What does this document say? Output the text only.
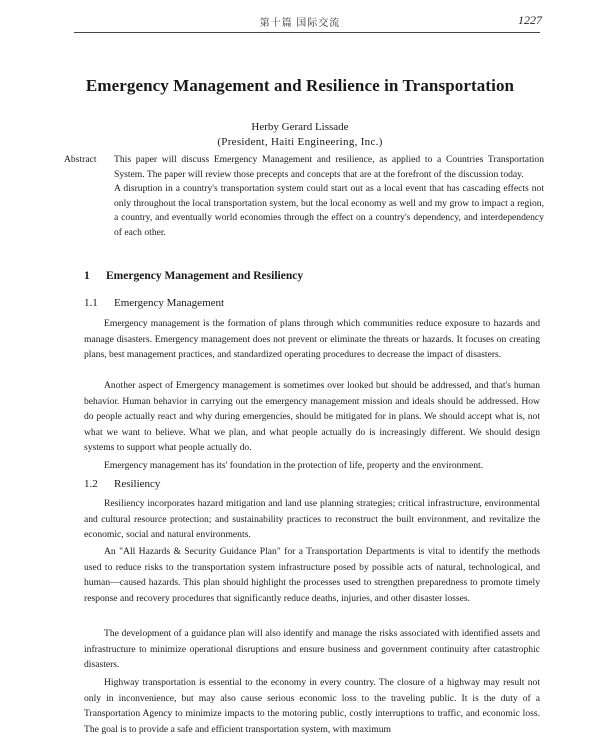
第十篇 国际交流	1227
Emergency Management and Resilience in Transportation
Herby Gerard Lissade
(President, Haiti Engineering, Inc.)
Abstract This paper will discuss Emergency Management and resilience, as applied to a Countries Transportation System. The paper will review those precepts and concepts that are at the forefront of the discussion today.

A disruption in a country's transportation system could start out as a local event that has cascading effects not only throughout the local transportation system, but the local economy as well and my grow to impact a region, a country, and eventually world economies through the effect on a country's dependency, and interdependency of each other.

1 Emergency Management and Resiliency
1.1 Emergency Management

Emergency management is the formation of plans through which communities reduce exposure to hazards and manage disasters. Emergency management does not prevent or eliminate the threats or hazards. It focuses on creating plans, best management practices, and standardized operating procedures to decrease the impact of disasters.

Another aspect of Emergency management is sometimes over looked but should be addressed, and that's human behavior. Human behavior in carrying out the emergency management mission and ideals should be addressed. How do people actually react and why during emergencies, should be mitigated for in plans. We should accept what is, not what we want to believe. What we plan, and what people actually do is increasingly different. We should design systems to support what people actually do.

Emergency management has its' foundation in the protection of life, property and the environment.

1.2 Resiliency

Resiliency incorporates hazard mitigation and land use planning strategies; critical infrastructure, environmental and cultural resource protection; and sustainability practices to reconstruct the built environment, and revitalize the economic, social and natural environments.

An "All Hazards & Security Guidance Plan" for a Transportation Departments is vital to identify the methods used to reduce risks to the transportation system infrastructure posed by possible acts of natural, technological, and human—caused hazards. This plan should highlight the processes used to strengthen preparedness to promote timely response and recovery procedures that significantly reduce deaths, injuries, and other disaster losses.

The development of a guidance plan will also identify and manage the risks associated with identified assets and infrastructure to minimize operational disruptions and ensure business and government continuity after catastrophic disasters.

Highway transportation is essential to the economy in every country. The closure of a highway may result not only in inconvenience, but may also cause serious economic loss to the traveling public. It is the duty of a Transportation Agency to minimize impacts to the motoring public, costly interruptions to traffic, and economic loss. The goal is to provide a safe and efficient transportation system, with maximum
